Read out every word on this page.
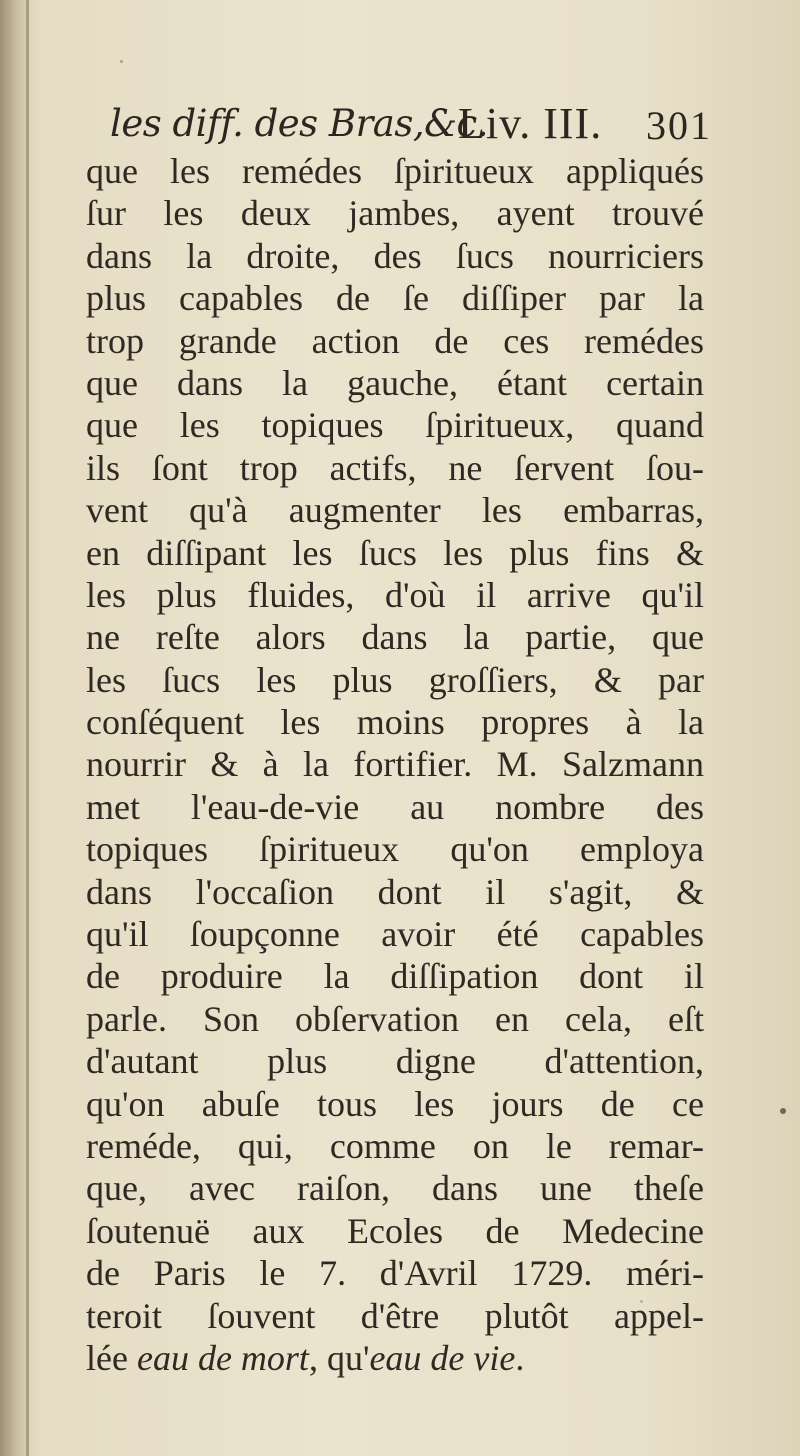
les diff. des Bras,&c.
Liv. III. 301
que les remédes ſpiritueux appliqués
ſur les deux jambes, ayent trouvé
dans la droite, des ſucs nourriciers
plus capables de ſe diſſiper par la
trop grande action de ces remédes
que dans la gauche, étant certain
que les topiques ſpiritueux, quand
ils ſont trop actifs, ne ſervent ſou-
vent qu'à augmenter les embarras,
en diſſipant les ſucs les plus fins &
les plus fluides, d'où il arrive qu'il
ne reſte alors dans la partie, que
les ſucs les plus groſſiers, & par
conſéquent les moins propres à la
nourrir & à la fortifier. M. Salzmann
met l'eau-de-vie au nombre des
topiques ſpiritueux qu'on employa
dans l'occaſion dont il s'agit, &
qu'il ſoupçonne avoir été capables
de produire la diſſipation dont il
parle. Son obſervation en cela, eſt
d'autant plus digne d'attention,
qu'on abuſe tous les jours de ce
reméde, qui, comme on le remar-
que, avec raiſon, dans une theſe
ſoutenuë aux Ecoles de Medecine
de Paris le 7. d'Avril 1729. méri-
teroit ſouvent d'être plutôt appel-
lée eau de mort, qu'eau de vie.
